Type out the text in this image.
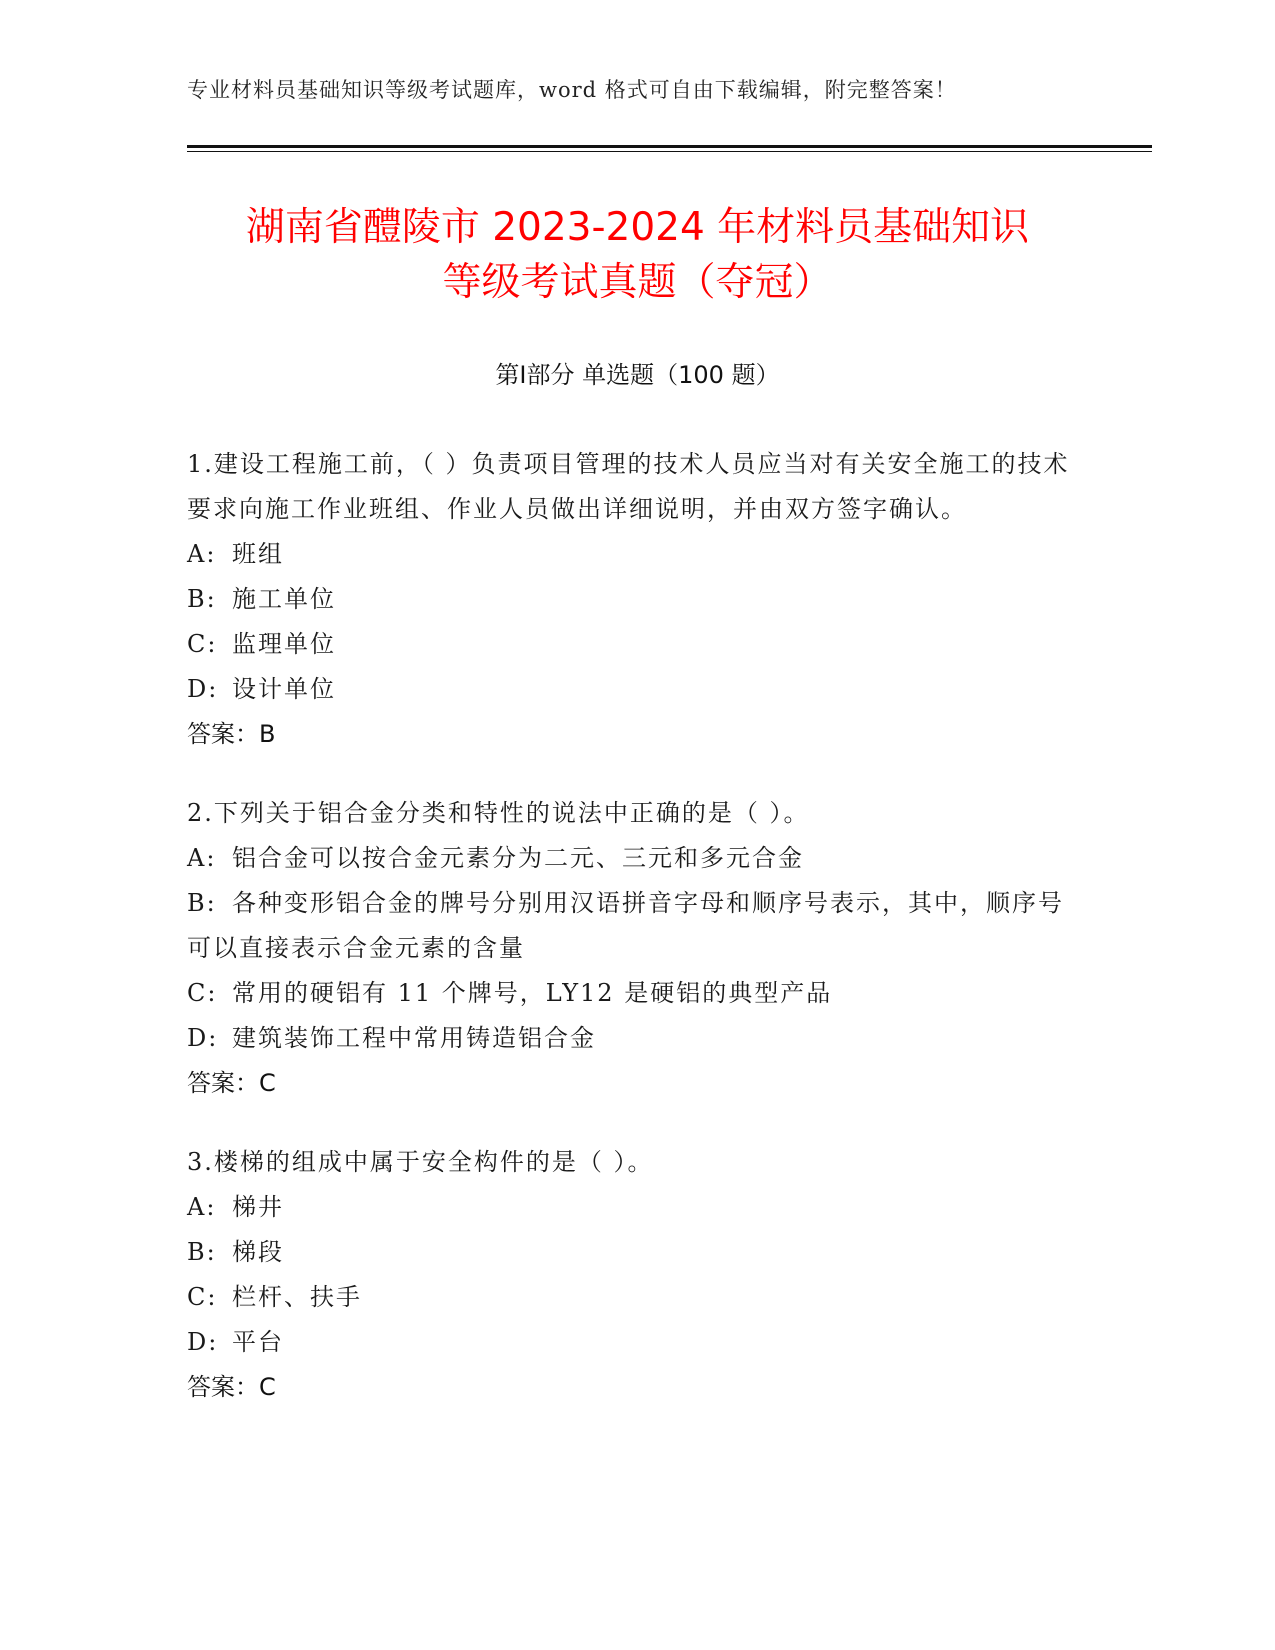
专业材料员基础知识等级考试题库，word 格式可自由下载编辑，附完整答案！
湖南省醴陵市 2023-2024 年材料员基础知识
等级考试真题（夺冠）
第Ⅰ部分 单选题（100 题）
1.建设工程施工前，（ ）负责项目管理的技术人员应当对有关安全施工的技术要求向施工作业班组、作业人员做出详细说明，并由双方签字确认。
A: 班组
B: 施工单位
C: 监理单位
D: 设计单位
答案：B
2.下列关于铝合金分类和特性的说法中正确的是（ ）。
A: 铝合金可以按合金元素分为二元、三元和多元合金
B: 各种变形铝合金的牌号分别用汉语拼音字母和顺序号表示，其中，顺序号可以直接表示合金元素的含量
C: 常用的硬铝有 11 个牌号，LY12 是硬铝的典型产品
D: 建筑装饰工程中常用铸造铝合金
答案：C
3.楼梯的组成中属于安全构件的是（ ）。
A: 梯井
B: 梯段
C: 栏杆、扶手
D: 平台
答案：C
